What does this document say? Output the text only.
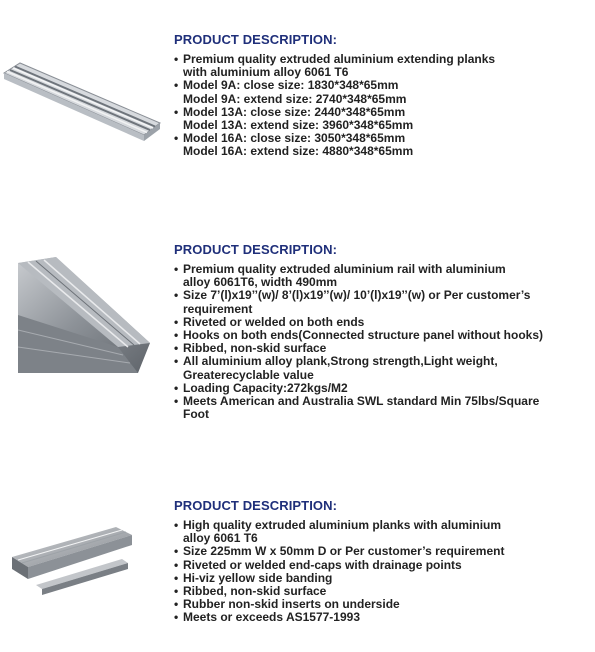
PRODUCT DESCRIPTION:
• Premium quality extruded aluminium extending planks
with aluminium alloy 6061 T6
• Model 9A: close size: 1830*348*65mm
Model 9A: extend size: 2740*348*65mm
• Model 13A: close size: 2440*348*65mm
Model 13A: extend size: 3960*348*65mm
• Model 16A: close size: 3050*348*65mm
Model 16A: extend size: 4880*348*65mm
PRODUCT DESCRIPTION:
• Premium quality extruded aluminium rail with aluminium
alloy 6061T6, width 490mm
• Size 7’(l)x19’’(w)/ 8’(l)x19’’(w)/ 10’(l)x19’’(w) or Per customer’s
requirement
• Riveted or welded on both ends
• Hooks on both ends(Connected structure panel without hooks)
• Ribbed, non-skid surface
• All aluminium alloy plank,Strong strength,Light weight,
Greaterecyclable value
• Loading Capacity:272kgs/M2
• Meets American and Australia SWL standard Min 75lbs/Square
Foot
PRODUCT DESCRIPTION:
• High quality extruded aluminium planks with aluminium
alloy 6061 T6
• Size 225mm W x 50mm D or Per customer’s requirement
• Riveted or welded end-caps with drainage points
• Hi-viz yellow side banding
• Ribbed, non-skid surface
• Rubber non-skid inserts on underside
• Meets or exceeds AS1577-1993
